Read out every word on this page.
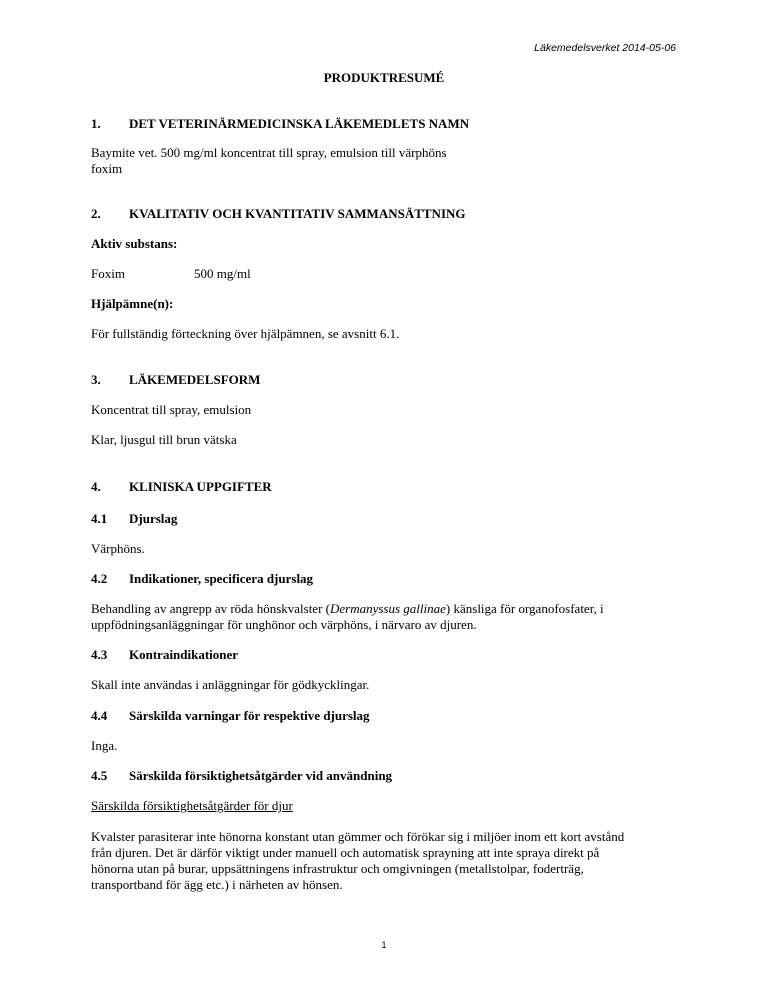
Läkemedelsverket 2014-05-06
PRODUKTRESUMÉ
1. DET VETERINÄRMEDICINSKA LÄKEMEDLETS NAMN
Baymite vet. 500 mg/ml koncentrat till spray, emulsion till värphöns
foxim
2. KVALITATIV OCH KVANTITATIV SAMMANSÄTTNING
Aktiv substans:
Foxim	500 mg/ml
Hjälpämne(n):
För fullständig förteckning över hjälpämnen, se avsnitt 6.1.
3. LÄKEMEDELSFORM
Koncentrat till spray, emulsion
Klar, ljusgul till brun vätska
4. KLINISKA UPPGIFTER
4.1 Djurslag
Värphöns.
4.2 Indikationer, specificera djurslag
Behandling av angrepp av röda hönskvalster (Dermanyssus gallinae) känsliga för organofosfater, i
uppfödningsanläggningar för unghönor och värphöns, i närvaro av djuren.
4.3 Kontraindikationer
Skall inte användas i anläggningar för gödkycklingar.
4.4 Särskilda varningar för respektive djurslag
Inga.
4.5 Särskilda försiktighetsåtgärder vid användning
Särskilda försiktighetsåtgärder för djur
Kvalster parasiterar inte hönorna konstant utan gömmer och förökar sig i miljöer inom ett kort avstånd
från djuren. Det är därför viktigt under manuell och automatisk sprayning att inte spraya direkt på
hönorna utan på burar, uppsättningens infrastruktur och omgivningen (metallstolpar, foderträg,
transportband för ägg etc.) i närheten av hönsen.
1
